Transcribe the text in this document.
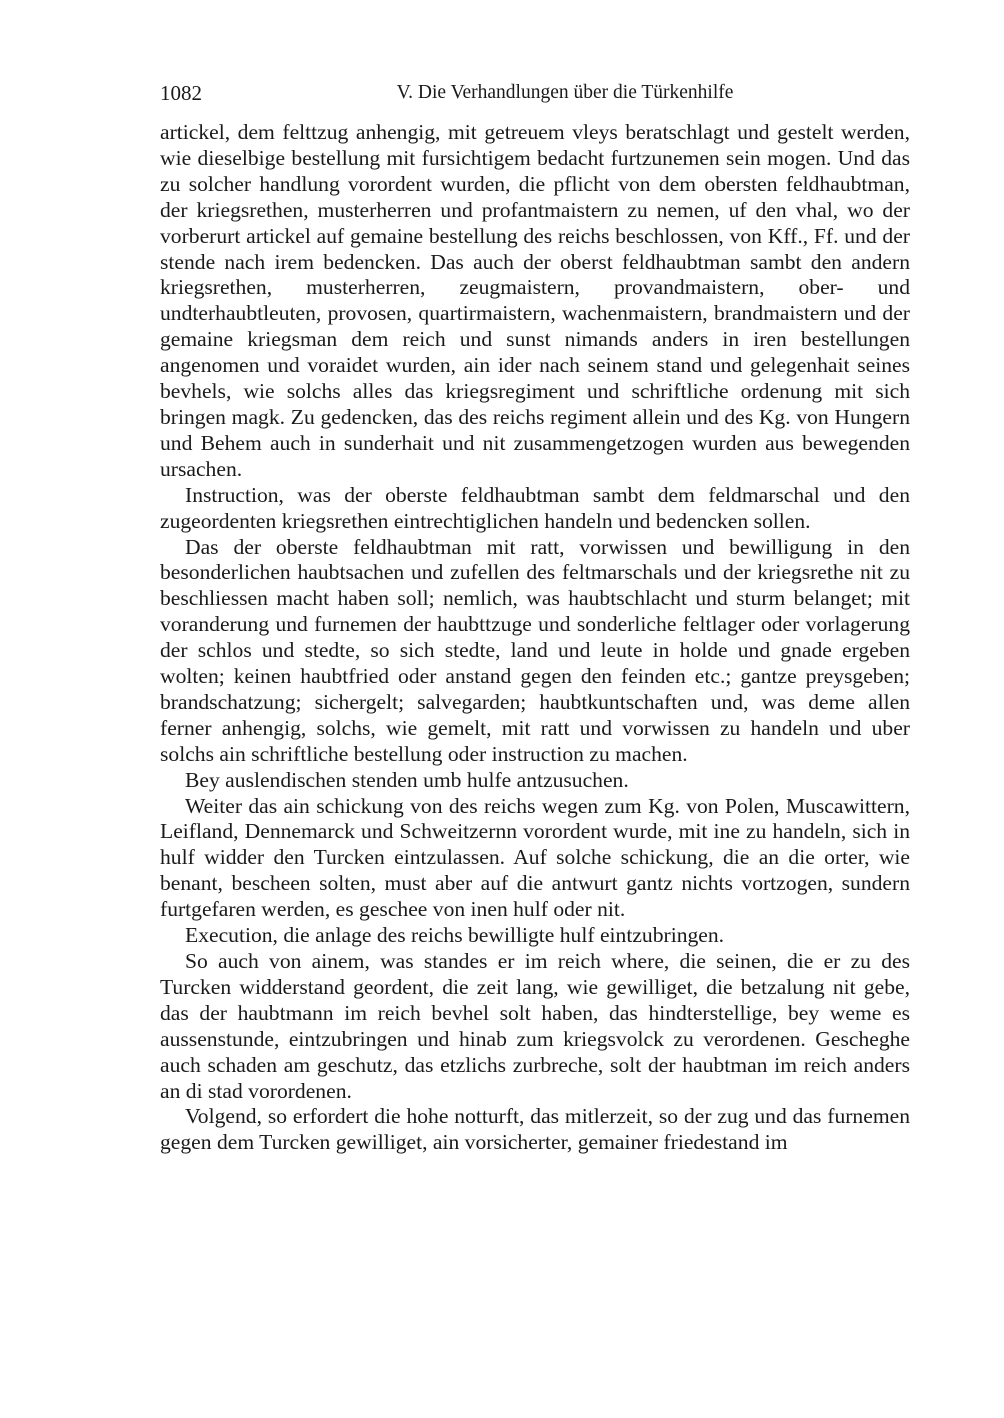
1082	V. Die Verhandlungen über die Türkenhilfe

artickel, dem felttzug anhengig, mit getreuem vleys beratschlagt und gestelt werden, wie dieselbige bestellung mit fursichtigem bedacht furtzunemen sein mogen. Und das zu solcher handlung vorordent wurden, die pflicht von dem obersten feldhaubtman, der kriegsrethen, musterherren und profantmaistern zu nemen, uf den vhal, wo der vorberurt artickel auf gemaine bestellung des reichs beschlossen, von Kff., Ff. und der stende nach irem bedencken. Das auch der oberst feldhaubtman sambt den andern kriegsrethen, musterherren, zeugmaistern, provandmaistern, ober- und undterhaubtleuten, provosen, quartirmaistern, wachenmaistern, brandmaistern und der gemaine kriegsman dem reich und sunst nimands anders in iren bestellungen angenomen und voraidet wurden, ain ider nach seinem stand und gelegenhait seines bevhels, wie solchs alles das kriegsregiment und schriftliche ordenung mit sich bringen magk. Zu gedencken, das des reichs regiment allein und des Kg. von Hungern und Behem auch in sunderhait und nit zusammengetzogen wurden aus bewegenden ursachen.

Instruction, was der oberste feldhaubtman sambt dem feldmarschal und den zugeordenten kriegsrethen eintrechtiglichen handeln und bedencken sollen.

Das der oberste feldhaubtman mit ratt, vorwissen und bewilligung in den besonderlichen haubtsachen und zufellen des feltmarschals und der kriegsrethe nit zu beschliessen macht haben soll; nemlich, was haubtschlacht und sturm belanget; mit voranderung und furnemen der haubttzuge und sonderliche feltlager oder vorlagerung der schlos und stedte, so sich stedte, land und leute in holde und gnade ergeben wolten; keinen haubtfried oder anstand gegen den feinden etc.; gantze preysgeben; brandschatzung; sichergelt; salvegarden; haubtkuntschaften und, was deme allen ferner anhengig, solchs, wie gemelt, mit ratt und vorwissen zu handeln und uber solchs ain schriftliche bestellung oder instruction zu machen.

Bey auslendischen stenden umb hulfe antzusuchen.

Weiter das ain schickung von des reichs wegen zum Kg. von Polen, Muscawittern, Leifland, Dennemarck und Schweitzernn vorordent wurde, mit ine zu handeln, sich in hulf widder den Turcken eintzulassen. Auf solche schickung, die an die orter, wie benant, bescheen solten, must aber auf die antwurt gantz nichts vortzogen, sundern furtgefaren werden, es geschee von inen hulf oder nit.

Execution, die anlage des reichs bewilligte hulf eintzubringen.

So auch von ainem, was standes er im reich where, die seinen, die er zu des Turcken widderstand geordent, die zeit lang, wie gewilliget, die betzalung nit gebe, das der haubtmann im reich bevhel solt haben, das hindterstellige, bey weme es aussenstunde, eintzubringen und hinab zum kriegsvolck zu verordenen. Gescheghe auch schaden am geschutz, das etzlichs zurbreche, solt der haubtman im reich anders an di stad vorordenen.

Volgend, so erfordert die hohe notturft, das mitlerzeit, so der zug und das furnemen gegen dem Turcken gewilliget, ain vorsicherter, gemainer friedestand im
